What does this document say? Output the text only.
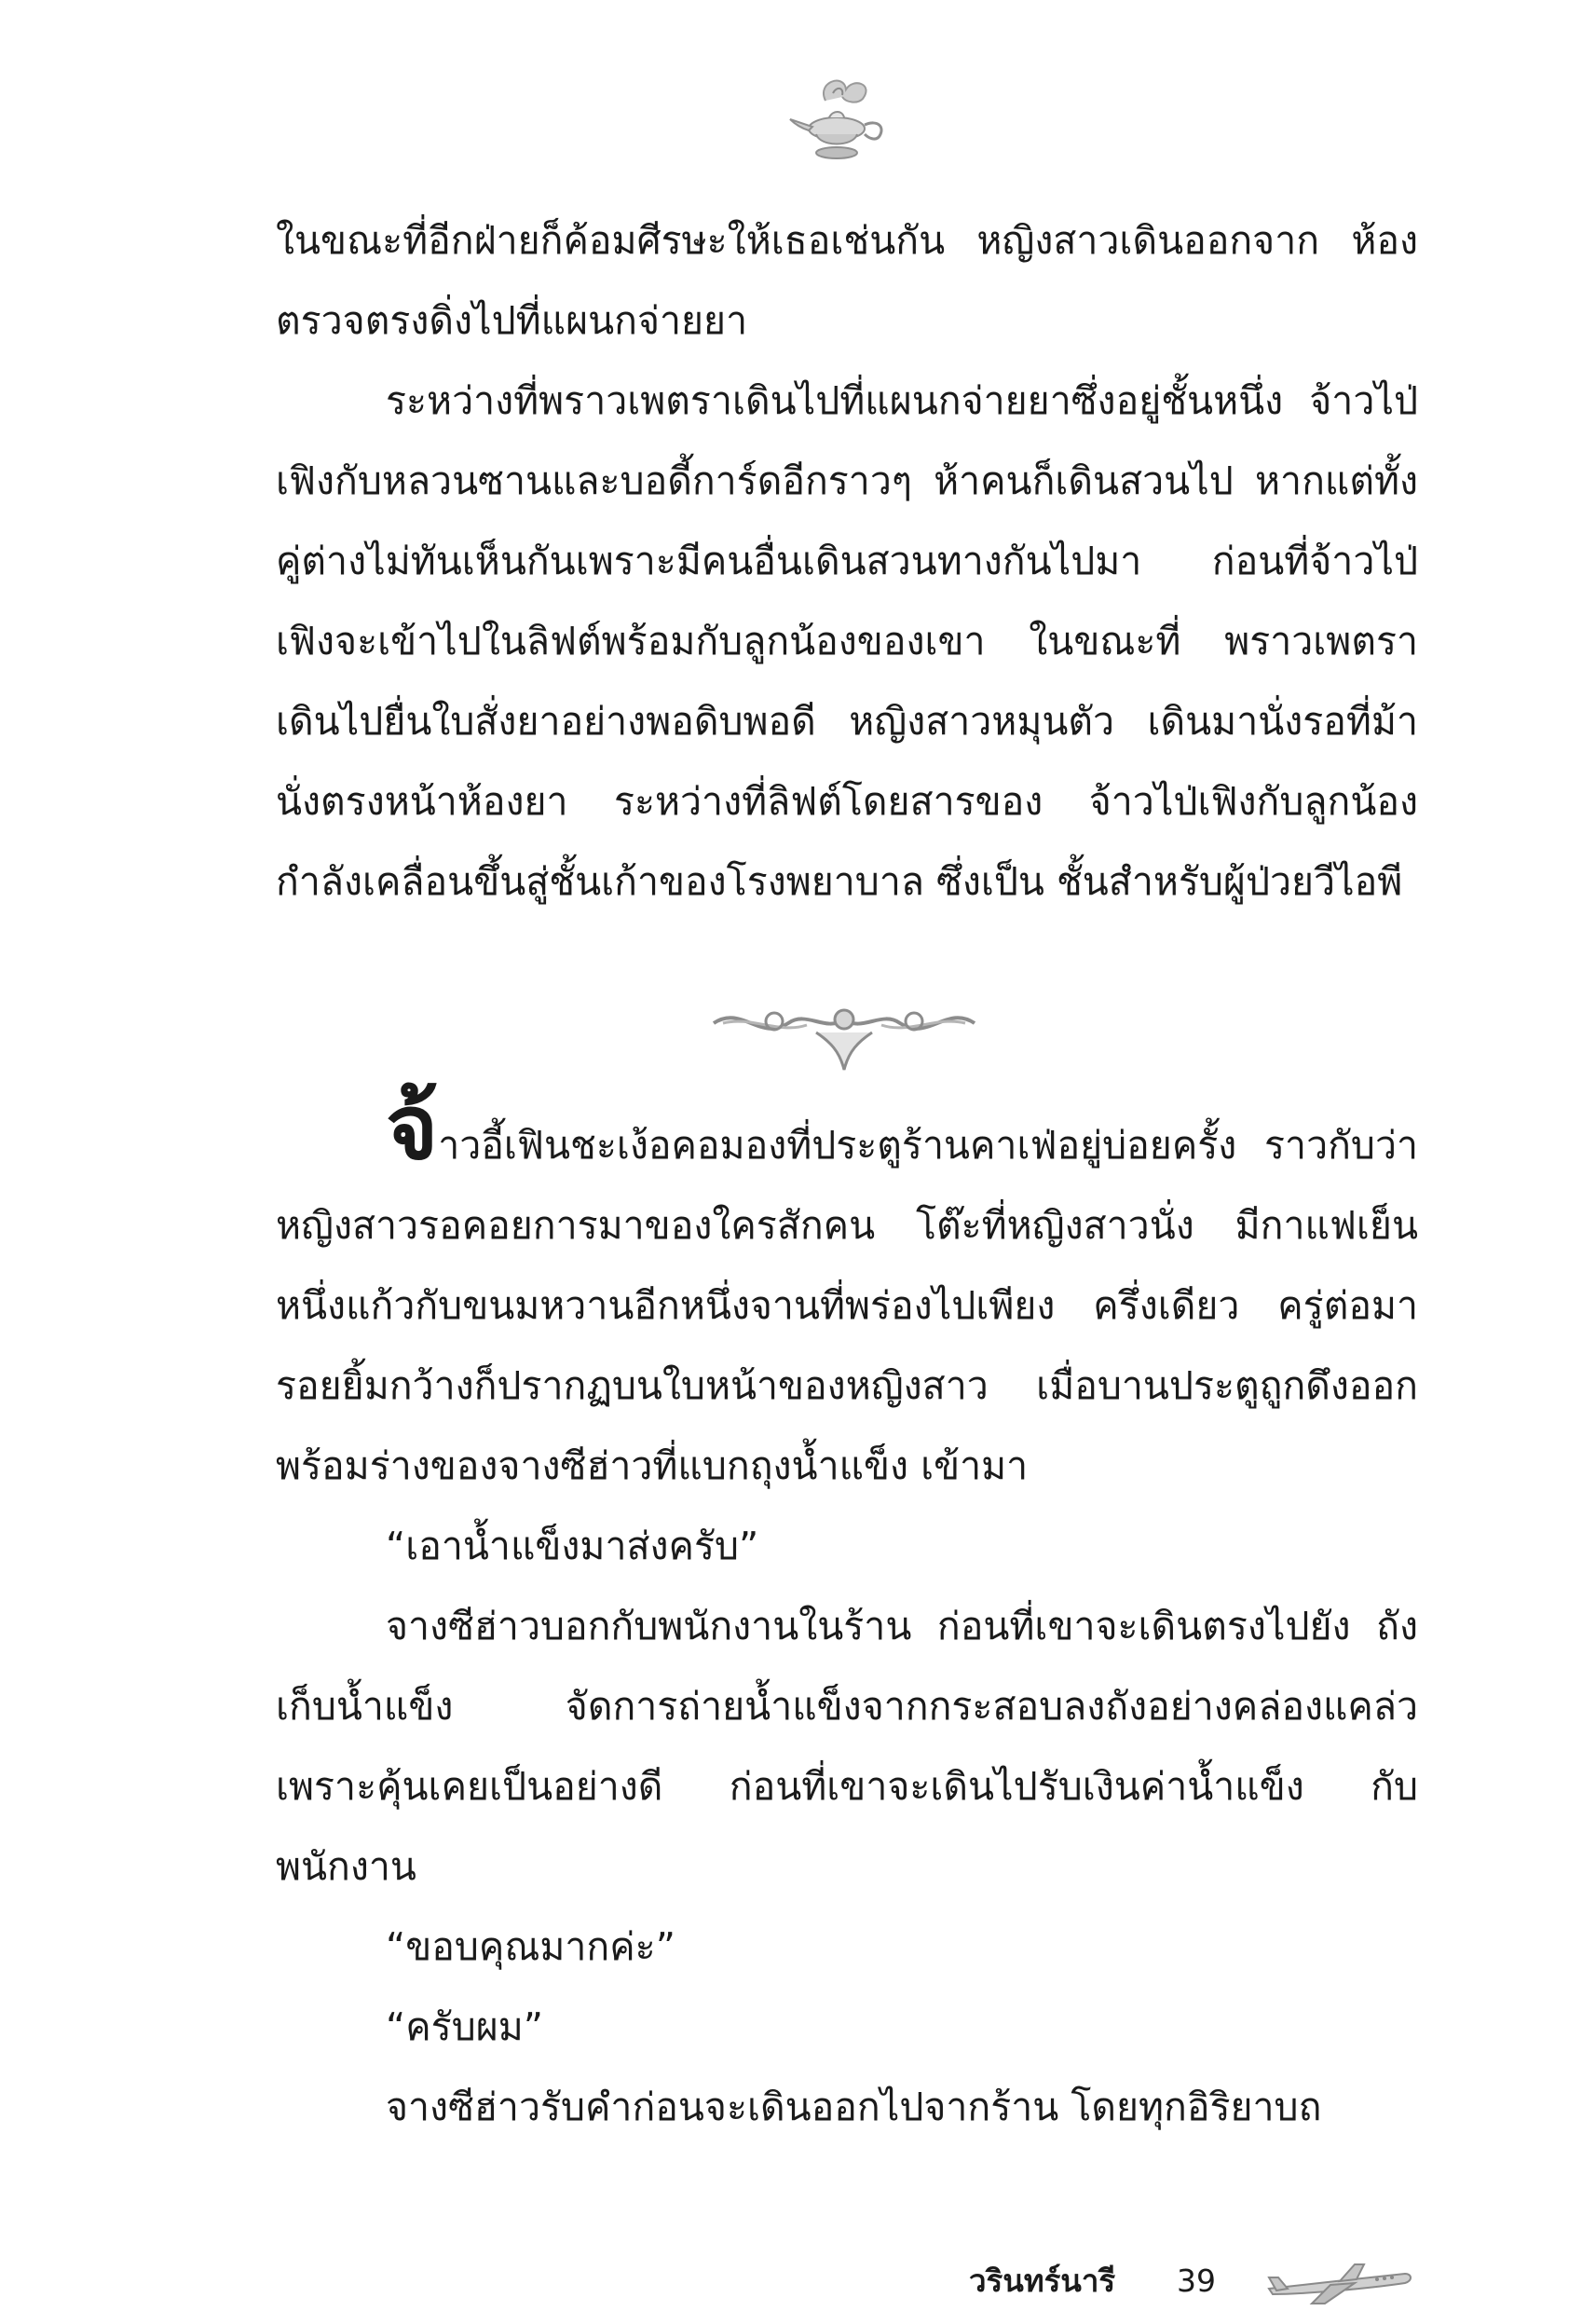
ในขณะที่อีกฝ่ายก็ค้อมศีรษะให้เธอเช่นกัน หญิงสาวเดินออกจาก ห้องตรวจตรงดิ่งไปที่แผนกจ่ายยา

ระหว่างที่พราวเพตราเดินไปที่แผนกจ่ายยาซึ่งอยู่ชั้นหนึ่ง จ้าวไป่เฟิงกับหลวนซานและบอดี้การ์ดอีกราวๆ ห้าคนก็เดินสวนไป หากแต่ทั้งคู่ต่างไม่ทันเห็นกันเพราะมีคนอื่นเดินสวนทางกันไปมา ก่อนที่จ้าวไป่เฟิงจะเข้าไปในลิฟต์พร้อมกับลูกน้องของเขา ในขณะที่ พราวเพตราเดินไปยื่นใบสั่งยาอย่างพอดิบพอดี หญิงสาวหมุนตัว เดินมานั่งรอที่ม้านั่งตรงหน้าห้องยา ระหว่างที่ลิฟต์โดยสารของ จ้าวไป่เฟิงกับลูกน้องกำลังเคลื่อนขึ้นสู่ชั้นเก้าของโรงพยาบาล ซึ่งเป็น ชั้นสำหรับผู้ป่วยวีไอพี

จ้าวอี้เฟินชะเง้อคอมองที่ประตูร้านคาเฟ่อยู่บ่อยครั้ง ราวกับว่าหญิงสาวรอคอยการมาของใครสักคน โต๊ะที่หญิงสาวนั่ง มีกาแฟเย็นหนึ่งแก้วกับขนมหวานอีกหนึ่งจานที่พร่องไปเพียง ครึ่งเดียว ครู่ต่อมารอยยิ้มกว้างก็ปรากฏบนใบหน้าของหญิงสาว เมื่อบานประตูถูกดึงออกพร้อมร่างของจางซีฮ่าวที่แบกถุงน้ำแข็ง เข้ามา

“เอาน้ำแข็งมาส่งครับ”

จางซีฮ่าวบอกกับพนักงานในร้าน ก่อนที่เขาจะเดินตรงไปยัง ถังเก็บน้ำแข็ง จัดการถ่ายน้ำแข็งจากกระสอบลงถังอย่างคล่องแคล่ว เพราะคุ้นเคยเป็นอย่างดี ก่อนที่เขาจะเดินไปรับเงินค่าน้ำแข็ง กับพนักงาน

“ขอบคุณมากค่ะ”

“ครับผม”

จางซีฮ่าวรับคำก่อนจะเดินออกไปจากร้าน โดยทุกอิริยาบถ

วรินทร์นารี 39
